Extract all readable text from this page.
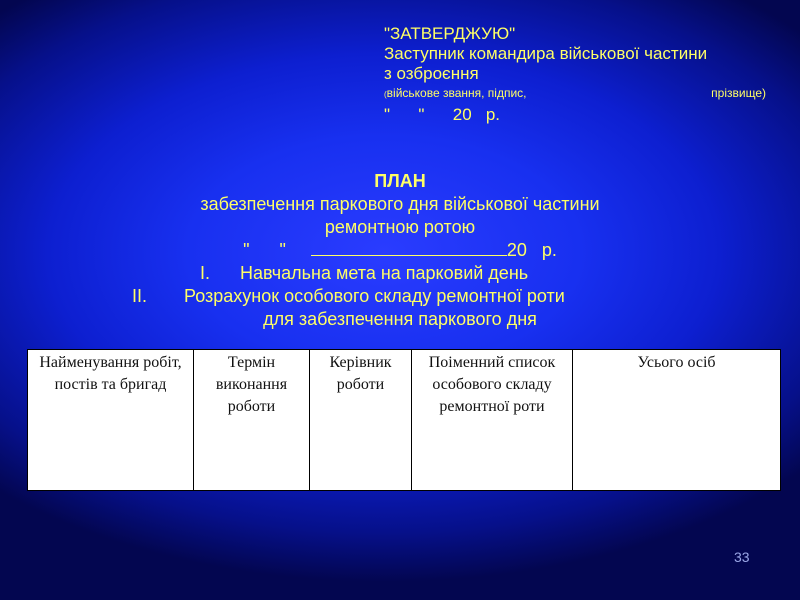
"ЗАТВЕРДЖУЮ"
Заступник командира військової частини
з озброєння
(військове звання, підпис,	прізвище)
"      "      20   р.
ПЛАН
забезпечення паркового дня військової частини
ремонтною ротою
"      "	20   р.
I. Навчальна мета на парковий день
II. Розрахунок особового складу ремонтної роти
для забезпечення паркового дня
Найменування робіт, постів та бригад	Термін виконання роботи	Керівник роботи	Поіменний список особового складу ремонтної роти	Усього осіб
33
